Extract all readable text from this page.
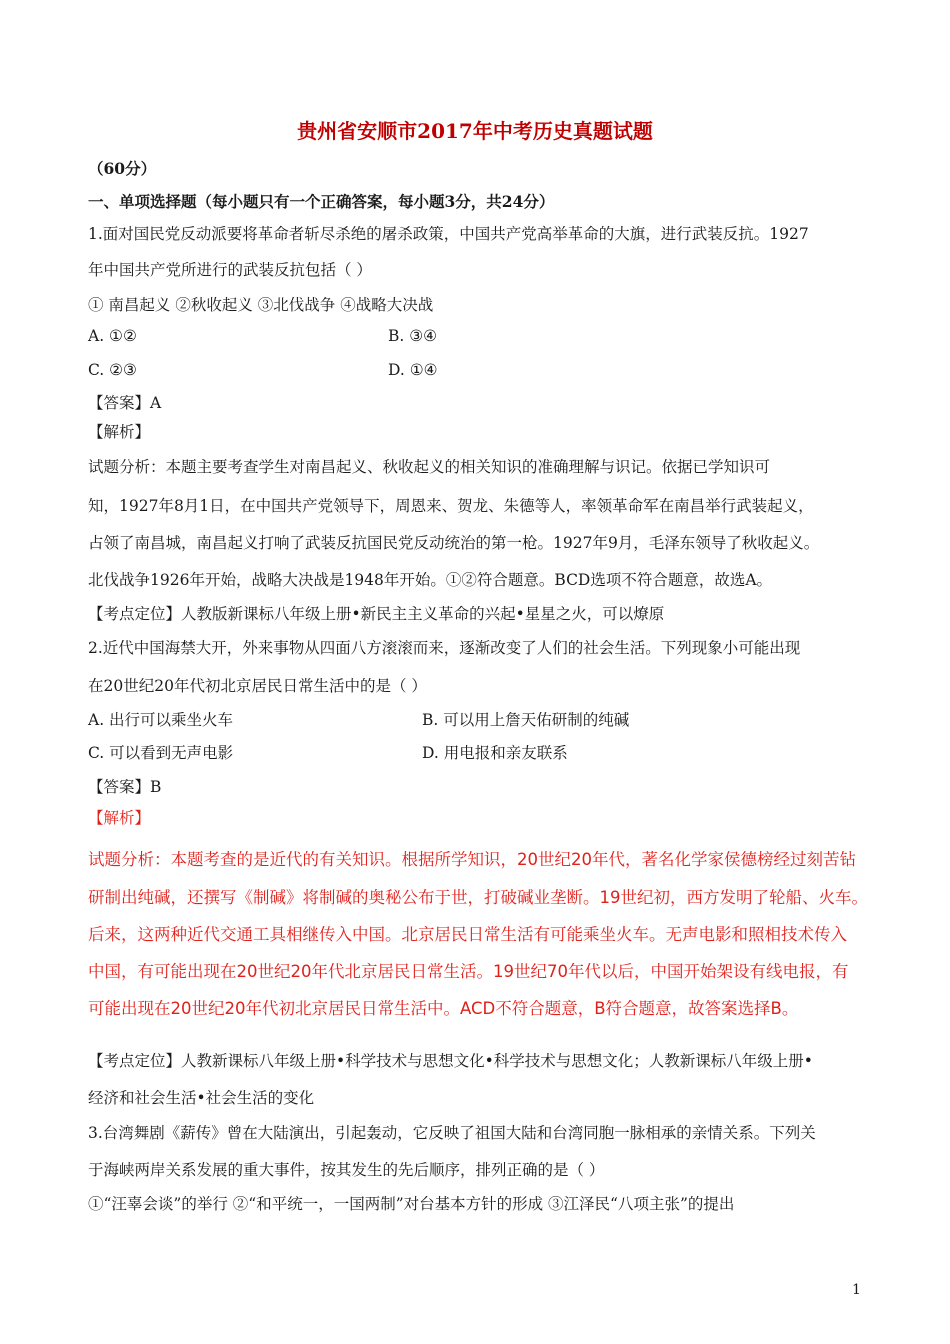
贵州省安顺市2017年中考历史真题试题
（60分）
一、单项选择题（每小题只有一个正确答案，每小题3分，共24分）
1.面对国民党反动派要将革命者斩尽杀绝的屠杀政策，中国共产党高举革命的大旗，进行武装反抗。1927
年中国共产党所进行的武装反抗包括（ ）
① 南昌起义 ②秋收起义 ③北伐战争 ④战略大决战
A. ①②	B. ③④
C. ②③	D. ①④
【答案】A
【解析】
试题分析：本题主要考查学生对南昌起义、秋收起义的相关知识的准确理解与识记。依据已学知识可
知，1927年8月1日，在中国共产党领导下，周恩来、贺龙、朱德等人，率领革命军在南昌举行武装起义，
占领了南昌城，南昌起义打响了武装反抗国民党反动统治的第一枪。1927年9月，毛泽东领导了秋收起义。
北伐战争1926年开始，战略大决战是1948年开始。①②符合题意。BCD选项不符合题意，故选A。
【考点定位】人教版新课标八年级上册•新民主主义革命的兴起•星星之火，可以燎原
2.近代中国海禁大开，外来事物从四面八方滚滚而来，逐渐改变了人们的社会生活。下列现象小可能出现
在20世纪20年代初北京居民日常生活中的是（ ）
A. 出行可以乘坐火车	B. 可以用上詹天佑研制的纯碱
C. 可以看到无声电影	D. 用电报和亲友联系
【答案】B
【解析】
试题分析：本题考查的是近代的有关知识。根据所学知识，20世纪20年代，著名化学家侯德榜经过刻苦钻
研制出纯碱，还撰写《制碱》将制碱的奥秘公布于世，打破碱业垄断。19世纪初，西方发明了轮船、火车。
后来，这两种近代交通工具相继传入中国。北京居民日常生活有可能乘坐火车。无声电影和照相技术传入
中国，有可能出现在20世纪20年代北京居民日常生活。19世纪70年代以后，中国开始架设有线电报，有
可能出现在20世纪20年代初北京居民日常生活中。ACD不符合题意，B符合题意，故答案选择B。
【考点定位】人教新课标八年级上册•科学技术与思想文化•科学技术与思想文化；人教新课标八年级上册•
经济和社会生活•社会生活的变化
3.台湾舞剧《薪传》曾在大陆演出，引起轰动，它反映了祖国大陆和台湾同胞一脉相承的亲情关系。下列关
于海峡两岸关系发展的重大事件，按其发生的先后顺序，排列正确的是（ ）
①“汪辜会谈”的举行 ②“和平统一，一国两制”对台基本方针的形成 ③江泽民“八项主张”的提出
1
